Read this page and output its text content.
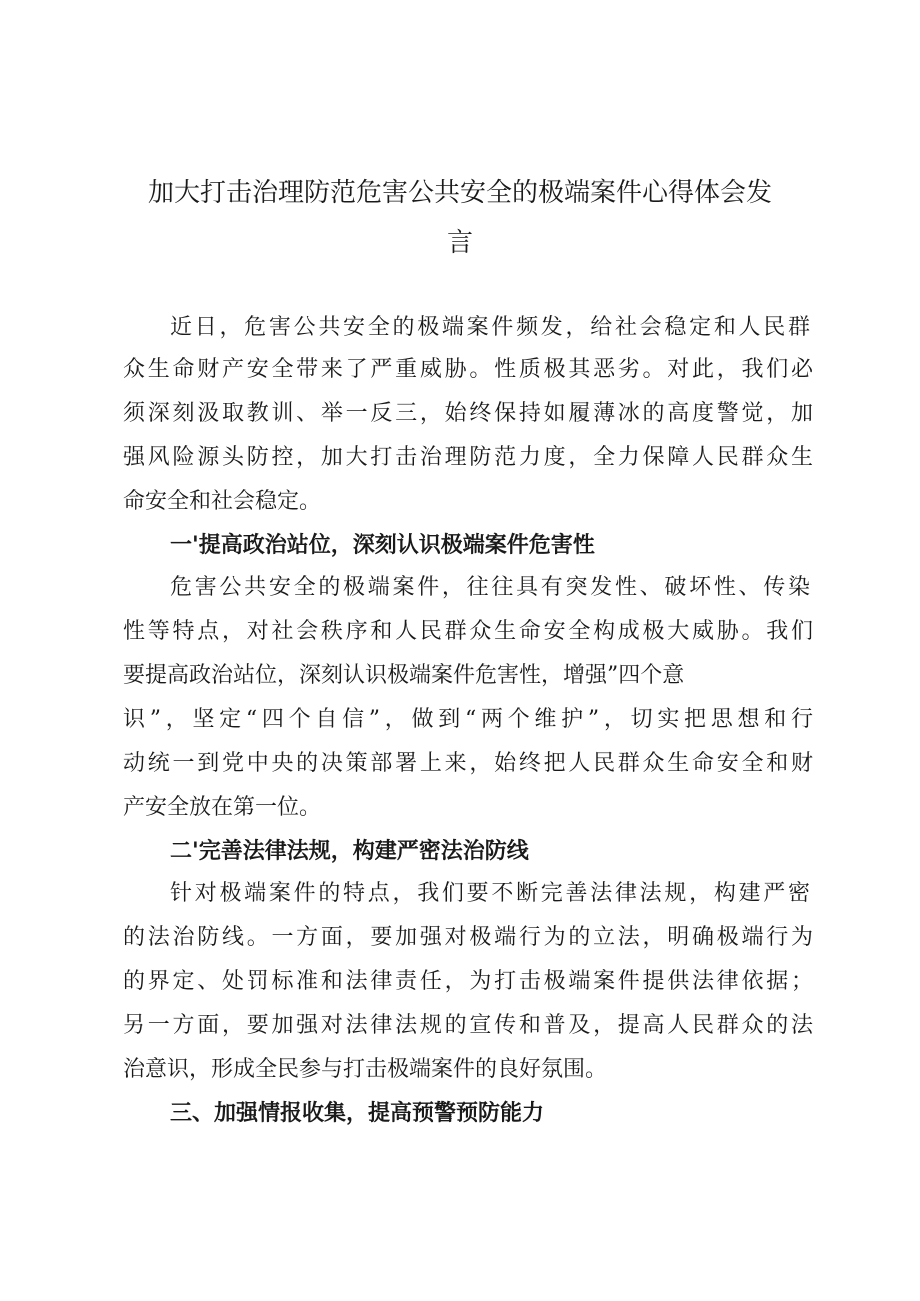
加大打击治理防范危害公共安全的极端案件心得体会发
言

近日，危害公共安全的极端案件频发，给社会稳定和人民群

众生命财产安全带来了严重威胁。性质极其恶劣。对此，我们必

须深刻汲取教训、举一反三，始终保持如履薄冰的高度警觉，加

强风险源头防控，加大打击治理防范力度，全力保障人民群众生

命安全和社会稳定。

一'提高政治站位，深刻认识极端案件危害性

危害公共安全的极端案件，往往具有突发性、破坏性、传染

性等特点，对社会秩序和人民群众生命安全构成极大威胁。我们

要提高政治站位，深刻认识极端案件危害性，增强”四个意

识”，坚定“四个自信”，做到“两个维护”，切实把思想和行

动统一到党中央的决策部署上来，始终把人民群众生命安全和财

产安全放在第一位。

二'完善法律法规，构建严密法治防线

针对极端案件的特点，我们要不断完善法律法规，构建严密

的法治防线。一方面，要加强对极端行为的立法，明确极端行为

的界定、处罚标准和法律责任，为打击极端案件提供法律依据；

另一方面，要加强对法律法规的宣传和普及，提高人民群众的法

治意识，形成全民参与打击极端案件的良好氛围。

三、加强情报收集，提高预警预防能力
